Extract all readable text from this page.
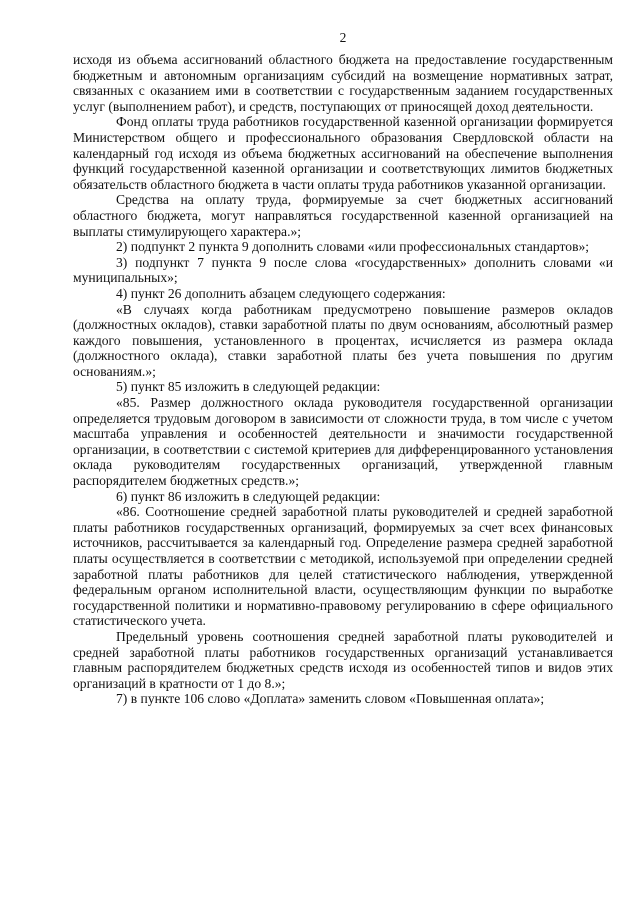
2

исходя из объема ассигнований областного бюджета на предоставление государственным бюджетным и автономным организациям субсидий на возмещение нормативных затрат, связанных с оказанием ими в соответствии с государственным заданием государственных услуг (выполнением работ), и средств, поступающих от приносящей доход деятельности.

Фонд оплаты труда работников государственной казенной организации формируется Министерством общего и профессионального образования Свердловской области на календарный год исходя из объема бюджетных ассигнований на обеспечение выполнения функций государственной казенной организации и соответствующих лимитов бюджетных обязательств областного бюджета в части оплаты труда работников указанной организации.

Средства на оплату труда, формируемые за счет бюджетных ассигнований областного бюджета, могут направляться государственной казенной организацией на выплаты стимулирующего характера.»;

2) подпункт 2 пункта 9 дополнить словами «или профессиональных стандартов»;

3) подпункт 7 пункта 9 после слова «государственных» дополнить словами «и муниципальных»;

4) пункт 26 дополнить абзацем следующего содержания:

«В случаях когда работникам предусмотрено повышение размеров окладов (должностных окладов), ставки заработной платы по двум основаниям, абсолютный размер каждого повышения, установленного в процентах, исчисляется из размера оклада (должностного оклада), ставки заработной платы без учета повышения по другим основаниям.»;

5) пункт 85 изложить в следующей редакции:

«85. Размер должностного оклада руководителя государственной организации определяется трудовым договором в зависимости от сложности труда, в том числе с учетом масштаба управления и особенностей деятельности и значимости государственной организации, в соответствии с системой критериев для дифференцированного установления оклада руководителям государственных организаций, утвержденной главным распорядителем бюджетных средств.»;

6) пункт 86 изложить в следующей редакции:

«86. Соотношение средней заработной платы руководителей и средней заработной платы работников государственных организаций, формируемых за счет всех финансовых источников, рассчитывается за календарный год. Определение размера средней заработной платы осуществляется в соответствии с методикой, используемой при определении средней заработной платы работников для целей статистического наблюдения, утвержденной федеральным органом исполнительной власти, осуществляющим функции по выработке государственной политики и нормативно-правовому регулированию в сфере официального статистического учета.

Предельный уровень соотношения средней заработной платы руководителей и средней заработной платы работников государственных организаций устанавливается главным распорядителем бюджетных средств исходя из особенностей типов и видов этих организаций в кратности от 1 до 8.»;

7) в пункте 106 слово «Доплата» заменить словом «Повышенная оплата»;
